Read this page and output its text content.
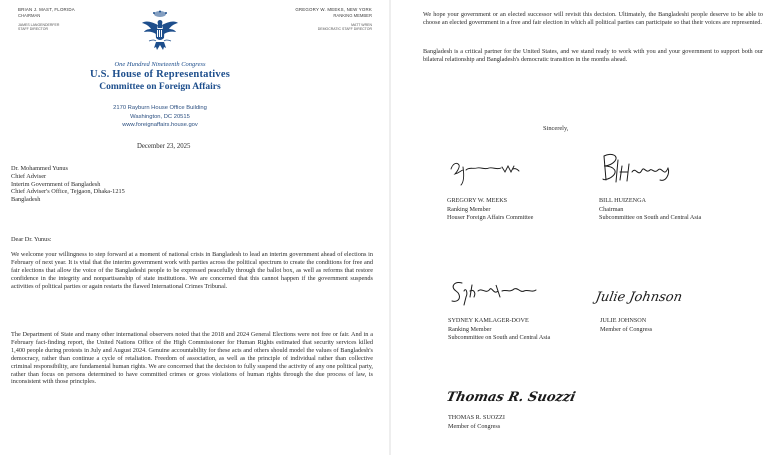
BRIAN J. MAST, FLORIDA
CHAIRMAN
JAMES LANGENDERFER
STAFF DIRECTOR
GREGORY W. MEEKS, NEW YORK
RANKING MEMBER
MATT WREN
DEMOCRATIC STAFF DIRECTOR
One Hundred Nineteenth Congress
U.S. House of Representatives
Committee on Foreign Affairs
2170 Rayburn House Office Building
Washington, DC 20515
www.foreignaffairs.house.gov
December 23, 2025
Dr. Mohammed Yunus
Chief Adviser
Interim Government of Bangladesh
Chief Adviser's Office, Tejgaon, Dhaka-1215
Bangladesh
Dear Dr. Yunus:
We welcome your willingness to step forward at a moment of national crisis in Bangladesh to lead an interim government ahead of elections in February of next year. It is vital that the interim government work with parties across the political spectrum to create the conditions for free and fair elections that allow the voice of the Bangladeshi people to be expressed peacefully through the ballot box, as well as reforms that restore confidence in the integrity and nonpartisanship of state institutions. We are concerned that this cannot happen if the government suspends activities of political parties or again restarts the flawed International Crimes Tribunal.
The Department of State and many other international observers noted that the 2018 and 2024 General Elections were not free or fair. And in a February fact-finding report, the United Nations Office of the High Commissioner for Human Rights estimated that security services killed 1,400 people during protests in July and August 2024. Genuine accountability for these acts and others should model the values of Bangladesh's democracy, rather than continue a cycle of retaliation. Freedom of association, as well as the principle of individual rather than collective criminal responsibility, are fundamental human rights. We are concerned that the decision to fully suspend the activity of any one political party, rather than focus on persons determined to have committed crimes or gross violations of human rights through the due process of law, is inconsistent with those principles.
We hope your government or an elected successor will revisit this decision. Ultimately, the Bangladeshi people deserve to be able to choose an elected government in a free and fair election in which all political parties can participate so that their voices are represented.
Bangladesh is a critical partner for the United States, and we stand ready to work with you and your government to support both our bilateral relationship and Bangladesh's democratic transition in the months ahead.
Sincerely,
GREGORY W. MEEKS
Ranking Member
Houser Foreign Affairs Committee
BILL HUIZENGA
Chairman
Subcommittee on South and Central Asia
Julie Johnson
SYDNEY KAMLAGER-DOVE
Ranking Member
Subcommittee on South and Central Asia
JULIE JOHNSON
Member of Congress
Thomas R. Suozzi
THOMAS R. SUOZZI
Member of Congress
